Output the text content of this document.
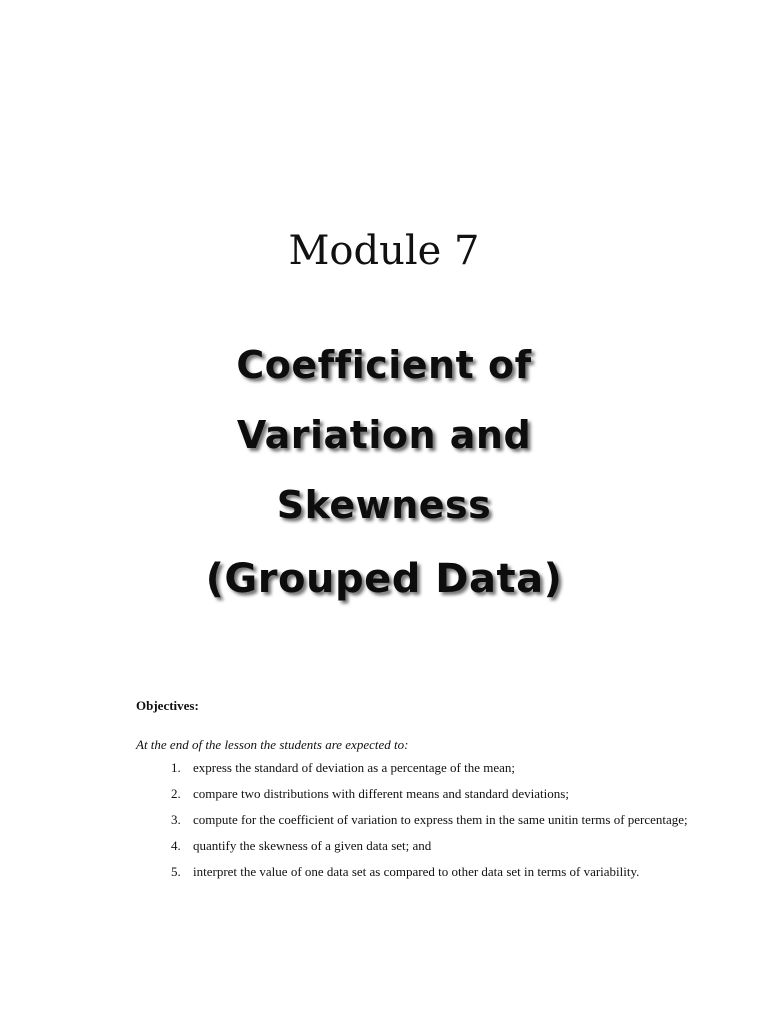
Module 7
Coefficient of
Variation and
Skewness
(Grouped Data)

Objectives:

At the end of the lesson the students are expected to:

1. express the standard of deviation as a percentage of the mean;
2. compare two distributions with different means and standard deviations;
3. compute for the coefficient of variation to express them in the same unitin terms of percentage;
4. quantify the skewness of a given data set; and
5. interpret the value of one data set as compared to other data set in terms of variability.
